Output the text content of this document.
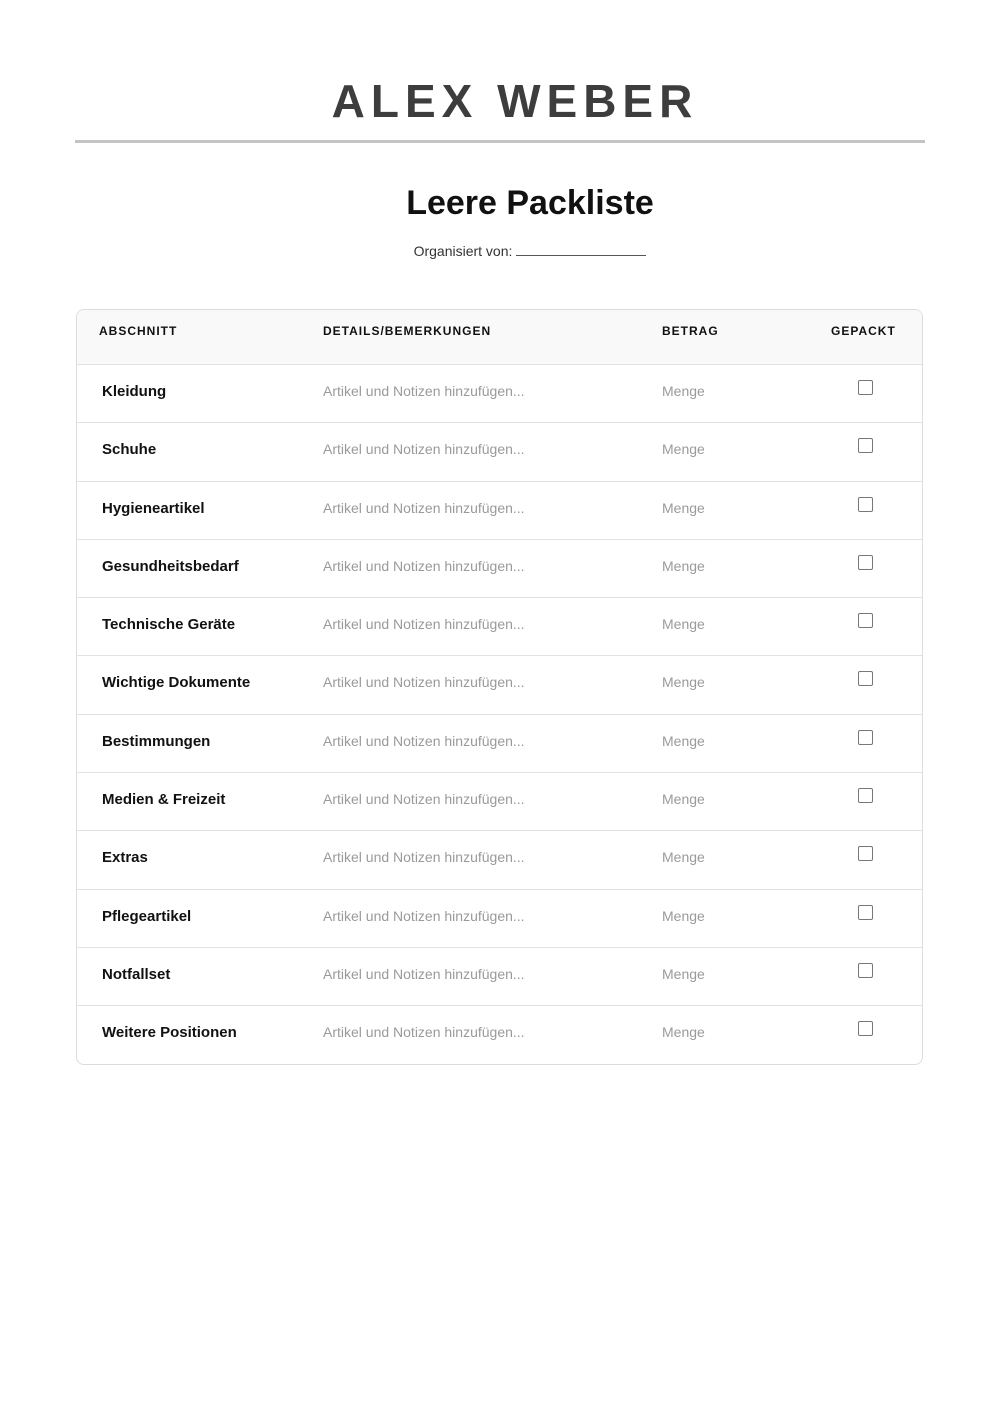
ALEX WEBER
Leere Packliste
Organisiert von:
ABSCHNITT	DETAILS/BEMERKUNGEN	BETRAG	GEPACKT
Kleidung	Artikel und Notizen hinzufügen...	Menge
Schuhe	Artikel und Notizen hinzufügen...	Menge
Hygieneartikel	Artikel und Notizen hinzufügen...	Menge
Gesundheitsbedarf	Artikel und Notizen hinzufügen...	Menge
Technische Geräte	Artikel und Notizen hinzufügen...	Menge
Wichtige Dokumente	Artikel und Notizen hinzufügen...	Menge
Bestimmungen	Artikel und Notizen hinzufügen...	Menge
Medien & Freizeit	Artikel und Notizen hinzufügen...	Menge
Extras	Artikel und Notizen hinzufügen...	Menge
Pflegeartikel	Artikel und Notizen hinzufügen...	Menge
Notfallset	Artikel und Notizen hinzufügen...	Menge
Weitere Positionen	Artikel und Notizen hinzufügen...	Menge
